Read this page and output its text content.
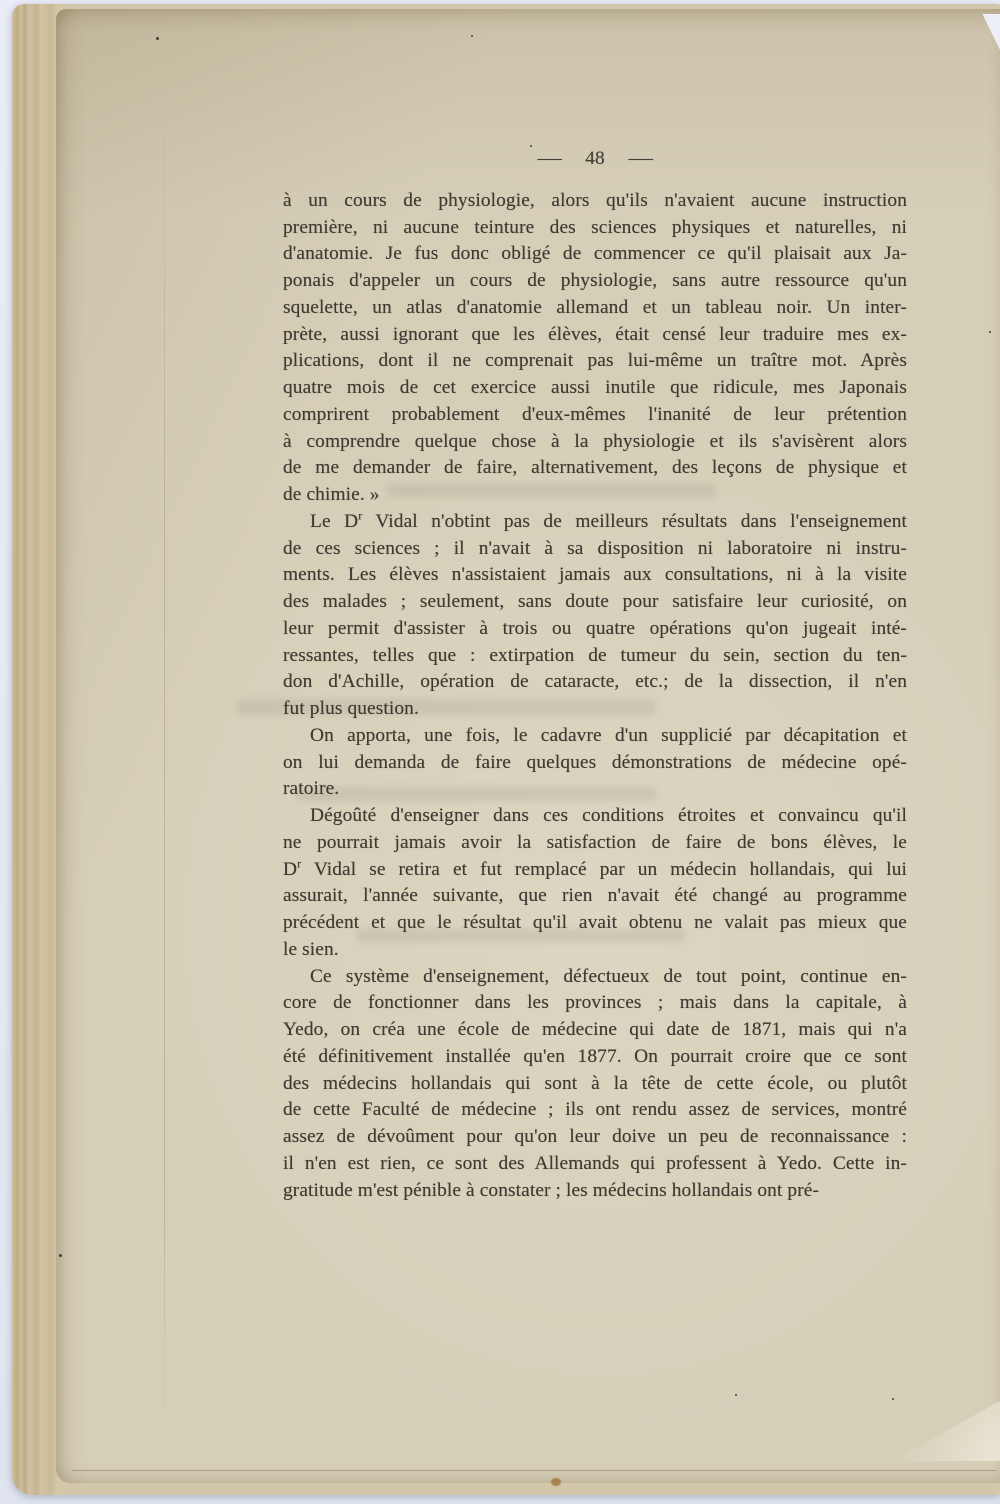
— 48 —
à un cours de physiologie, alors qu'ils n'avaient aucune instruction
première, ni aucune teinture des sciences physiques et naturelles, ni
d'anatomie. Je fus donc obligé de commencer ce qu'il plaisait aux Ja-
ponais d'appeler un cours de physiologie, sans autre ressource qu'un
squelette, un atlas d'anatomie allemand et un tableau noir. Un inter-
prète, aussi ignorant que les élèves, était censé leur traduire mes ex-
plications, dont il ne comprenait pas lui-même un traître mot. Après
quatre mois de cet exercice aussi inutile que ridicule, mes Japonais
comprirent probablement d'eux-mêmes l'inanité de leur prétention
à comprendre quelque chose à la physiologie et ils s'avisèrent alors
de me demander de faire, alternativement, des leçons de physique et
de chimie. »
Le $D^r$ Vidal n'obtint pas de meilleurs résultats dans l'enseignement
de ces sciences ; il n'avait à sa disposition ni laboratoire ni instru-
ments. Les élèves n'assistaient jamais aux consultations, ni à la visite
des malades ; seulement, sans doute pour satisfaire leur curiosité, on
leur permit d'assister à trois ou quatre opérations qu'on jugeait inté-
ressantes, telles que : extirpation de tumeur du sein, section du ten-
don d'Achille, opération de cataracte, etc.; de la dissection, il n'en
fut plus question.
On apporta, une fois, le cadavre d'un supplicié par décapitation et
on lui demanda de faire quelques démonstrations de médecine opé-
ratoire.
Dégoûté d'enseigner dans ces conditions étroites et convaincu qu'il
ne pourrait jamais avoir la satisfaction de faire de bons élèves, le
$D^r$ Vidal se retira et fut remplacé par un médecin hollandais, qui lui
assurait, l'année suivante, que rien n'avait été changé au programme
précédent et que le résultat qu'il avait obtenu ne valait pas mieux que
le sien.
Ce système d'enseignement, défectueux de tout point, continue en-
core de fonctionner dans les provinces ; mais dans la capitale, à
Yedo, on créa une école de médecine qui date de 1871, mais qui n'a
été définitivement installée qu'en 1877. On pourrait croire que ce sont
des médecins hollandais qui sont à la tête de cette école, ou plutôt
de cette Faculté de médecine ; ils ont rendu assez de services, montré
assez de dévoûment pour qu'on leur doive un peu de reconnaissance :
il n'en est rien, ce sont des Allemands qui professent à Yedo. Cette in-
gratitude m'est pénible à constater ; les médecins hollandais ont pré-
